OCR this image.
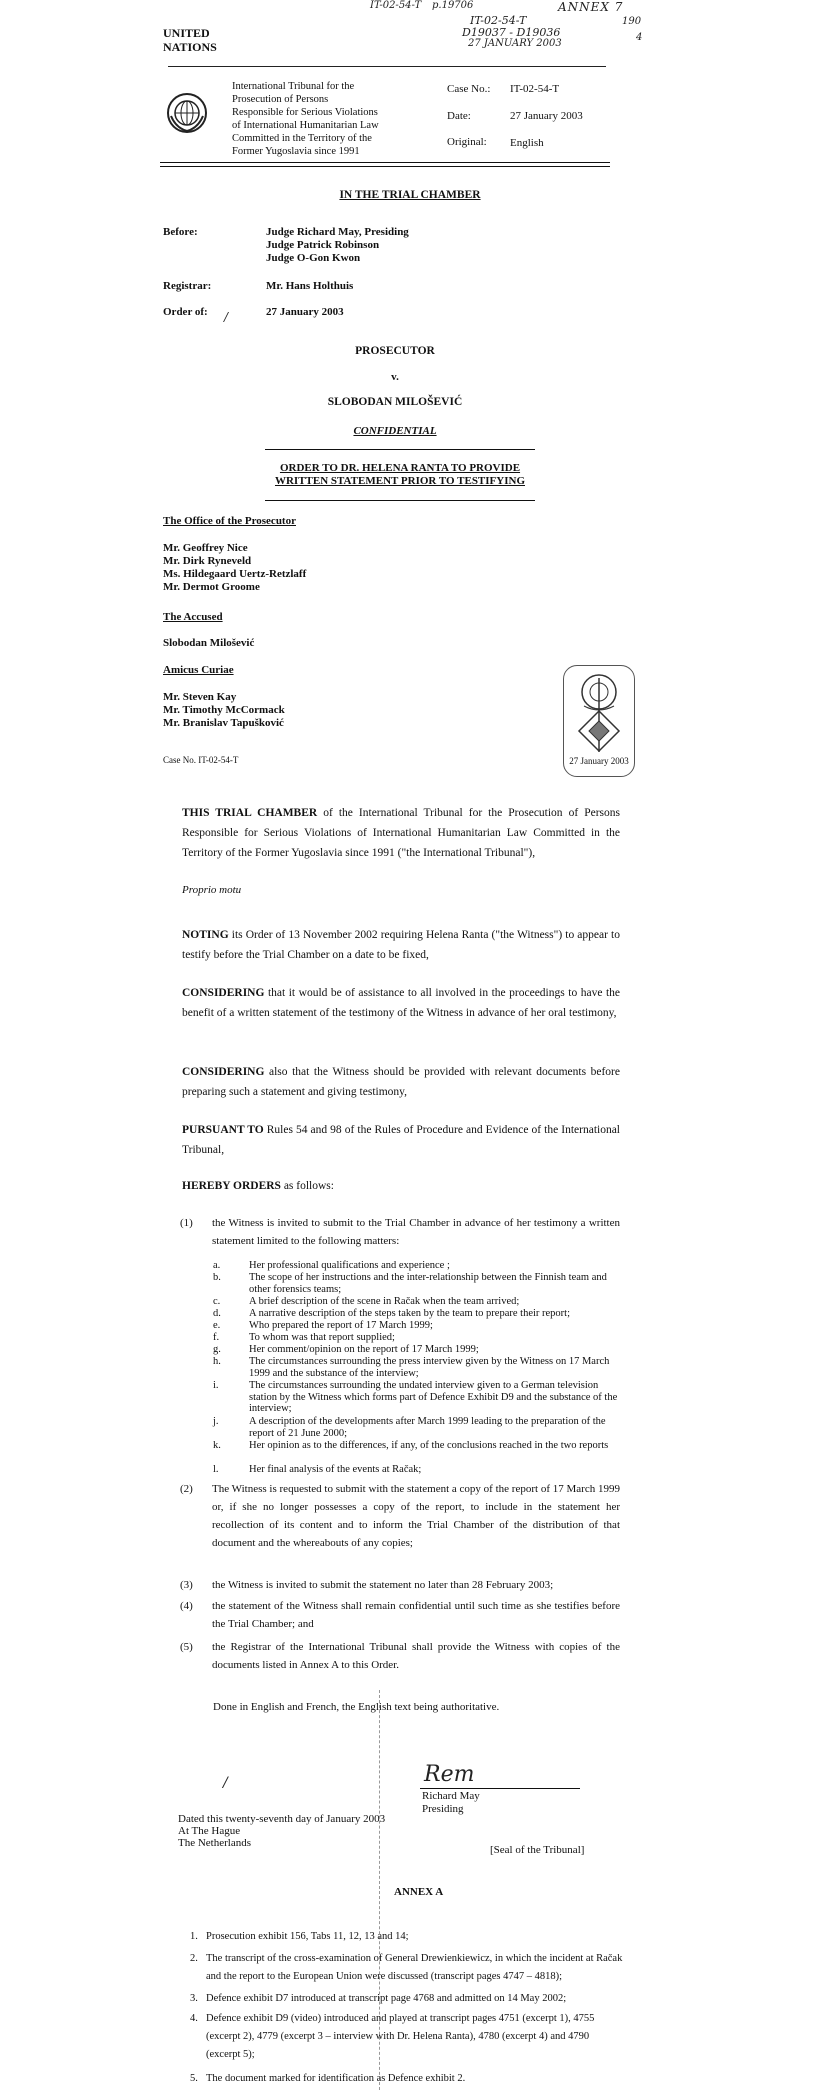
IT-02-54-T p.19706
IT-02-54-T
D19037 - D19036
27 JANUARY 2003
ANNEX 7
190
4
UNITED
NATIONS
International Tribunal for the
Prosecution of Persons
Responsible for Serious Violations
of International Humanitarian Law
Committed in the Territory of the
Former Yugoslavia since 1991
Case No.: IT-02-54-T
Date:	27 January 2003
Original: English
IN THE TRIAL CHAMBER
Before:	Judge Richard May, Presiding
Judge Patrick Robinson
Judge O-Gon Kwon
Registrar:	Mr. Hans Holthuis
Order of: /	27 January 2003
PROSECUTOR
v.
SLOBODAN MILOŠEVIĆ
CONFIDENTIAL
ORDER TO DR. HELENA RANTA TO PROVIDE
WRITTEN STATEMENT PRIOR TO TESTIFYING
The Office of the Prosecutor
Mr. Geoffrey Nice
Mr. Dirk Ryneveld
Ms. Hildegaard Uertz-Retzlaff
Mr. Dermot Groome
The Accused
Slobodan Milošević
Amicus Curiae
Mr. Steven Kay
Mr. Timothy McCormack
Mr. Branislav Tapušković
Case No. IT-02-54-T	27 January 2003
THIS TRIAL CHAMBER of the International Tribunal for the Prosecution of Persons Responsible for Serious Violations of International Humanitarian Law Committed in the Territory of the Former Yugoslavia since 1991 ("the International Tribunal"),
Proprio motu
NOTING its Order of 13 November 2002 requiring Helena Ranta ("the Witness") to appear to testify before the Trial Chamber on a date to be fixed,
CONSIDERING that it would be of assistance to all involved in the proceedings to have the benefit of a written statement of the testimony of the Witness in advance of her oral testimony,
CONSIDERING also that the Witness should be provided with relevant documents before preparing such a statement and giving testimony,
PURSUANT TO Rules 54 and 98 of the Rules of Procedure and Evidence of the International Tribunal,
HEREBY ORDERS as follows:
(1) the Witness is invited to submit to the Trial Chamber in advance of her testimony a written statement limited to the following matters:
a.	Her professional qualifications and experience ;
b.	The scope of her instructions and the inter-relationship between the Finnish team and other forensics teams;
c.	A brief description of the scene in Račak when the team arrived;
d.	A narrative description of the steps taken by the team to prepare their report;
e.	Who prepared the report of 17 March 1999;
f.	To whom was that report supplied;
g.	Her comment/opinion on the report of 17 March 1999;
h.	The circumstances surrounding the press interview given by the Witness on 17 March 1999 and the substance of the interview;
i.	The circumstances surrounding the undated interview given to a German television station by the Witness which forms part of Defence Exhibit D9 and the substance of the interview;
j.	A description of the developments after March 1999 leading to the preparation of the report of 21 June 2000;
k.	Her opinion as to the differences, if any, of the conclusions reached in the two reports
l.	Her final analysis of the events at Račak;
(2) The Witness is requested to submit with the statement a copy of the report of 17 March 1999 or, if she no longer possesses a copy of the report, to include in the statement her recollection of its content and to inform the Trial Chamber of the distribution of that document and the whereabouts of any copies;
(3) the Witness is invited to submit the statement no later than 28 February 2003;
(4) the statement of the Witness shall remain confidential until such time as she testifies before the Trial Chamber; and
(5) the Registrar of the International Tribunal shall provide the Witness with copies of the documents listed in Annex A to this Order.
Done in English and French, the English text being authoritative.
/	Rem
Richard May
Presiding
Dated this twenty-seventh day of January 2003
At The Hague
The Netherlands
[Seal of the Tribunal]
ANNEX A
1. Prosecution exhibit 156, Tabs 11, 12, 13 and 14;
2. The transcript of the cross-examination of General Drewienkiewicz, in which the incident at Račak and the report to the European Union were discussed (transcript pages 4747 – 4818);
3. Defence exhibit D7 introduced at transcript page 4768 and admitted on 14 May 2002;
4. Defence exhibit D9 (video) introduced and played at transcript pages 4751 (excerpt 1), 4755 (excerpt 2), 4779 (excerpt 3 – interview with Dr. Helena Ranta), 4780 (excerpt 4) and 4790 (excerpt 5);
5. The document marked for identification as Defence exhibit 2.
